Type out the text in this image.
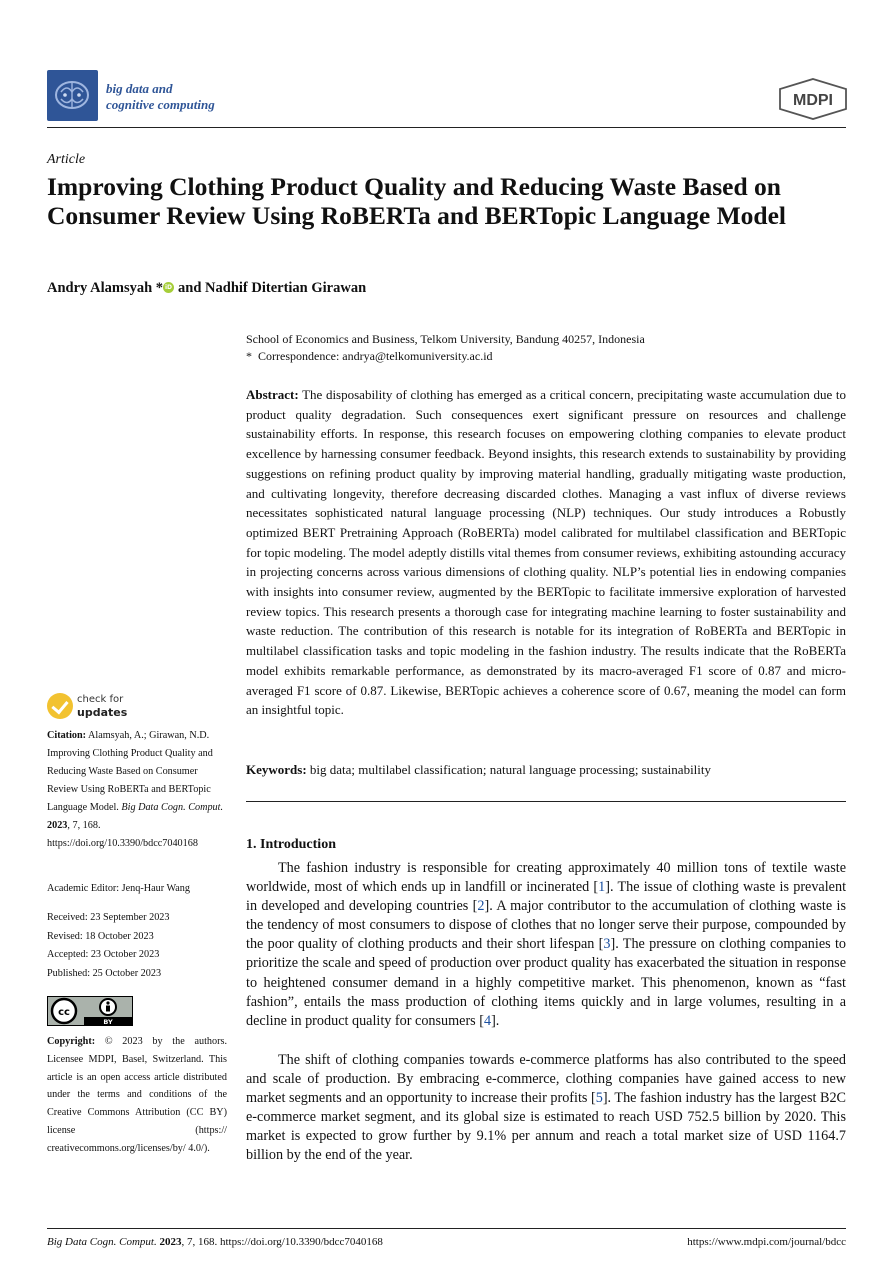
big data and
cognitive computing	MDPI
Article
Improving Clothing Product Quality and Reducing Waste Based on Consumer Review Using RoBERTa and BERTopic Language Model
Andry Alamsyah * iD and Nadhif Ditertian Girawan
School of Economics and Business, Telkom University, Bandung 40257, Indonesia
* Correspondence: andrya@telkomuniversity.ac.id

Abstract: The disposability of clothing has emerged as a critical concern, precipitating waste accumulation due to product quality degradation. Such consequences exert significant pressure on resources and challenge sustainability efforts. In response, this research focuses on empowering clothing companies to elevate product excellence by harnessing consumer feedback. Beyond insights, this research extends to sustainability by providing suggestions on refining product quality by improving material handling, gradually mitigating waste production, and cultivating longevity, therefore decreasing discarded clothes. Managing a vast influx of diverse reviews necessitates sophisticated natural language processing (NLP) techniques. Our study introduces a Robustly optimized BERT Pretraining Approach (RoBERTa) model calibrated for multilabel classification and BERTopic for topic modeling. The model adeptly distills vital themes from consumer reviews, exhibiting astounding accuracy in projecting concerns across various dimensions of clothing quality. NLP’s potential lies in endowing companies with insights into consumer review, augmented by the BERTopic to facilitate immersive exploration of harvested review topics. This research presents a thorough case for integrating machine learning to foster sustainability and waste reduction. The contribution of this research is notable for its integration of RoBERTa and BERTopic in multilabel classification tasks and topic modeling in the fashion industry. The results indicate that the RoBERTa model exhibits remarkable performance, as demonstrated by its macro-averaged F1 score of 0.87 and micro-averaged F1 score of 0.87. Likewise, BERTopic achieves a coherence score of 0.67, meaning the model can form an insightful topic.

Keywords: big data; multilabel classification; natural language processing; sustainability
1. Introduction

The fashion industry is responsible for creating approximately 40 million tons of textile waste worldwide, most of which ends up in landfill or incinerated [1]. The issue of clothing waste is prevalent in developed and developing countries [2]. A major contributor to the accumulation of clothing waste is the tendency of most consumers to dispose of clothes that no longer serve their purpose, compounded by the poor quality of clothing products and their short lifespan [3]. The pressure on clothing companies to prioritize the scale and speed of production over product quality has exacerbated the situation in response to heightened consumer demand in a highly competitive market. This phenomenon, known as “fast fashion”, entails the mass production of clothing items quickly and in large volumes, resulting in a decline in product quality for consumers [4].

The shift of clothing companies towards e-commerce platforms has also contributed to the speed and scale of production. By embracing e-commerce, clothing companies have gained access to new market segments and an opportunity to increase their profits [5]. The fashion industry has the largest B2C e-commerce market segment, and its global size is estimated to reach USD 752.5 billion by 2020. This market is expected to grow further by 9.1% per annum and reach a total market size of USD 1164.7 billion by the end of the year.

check for
updates
Citation: Alamsyah, A.; Girawan, N.D. Improving Clothing Product Quality and Reducing Waste Based on Consumer Review Using RoBERTa and BERTopic Language Model. Big Data Cogn. Comput. 2023, 7, 168. https://doi.org/10.3390/bdcc7040168
Academic Editor: Jenq-Haur Wang
Received: 23 September 2023
Revised: 18 October 2023
Accepted: 23 October 2023
Published: 25 October 2023
cc
BY
Copyright: © 2023 by the authors. Licensee MDPI, Basel, Switzerland. This article is an open access article distributed under the terms and conditions of the Creative Commons Attribution (CC BY) license (https:// creativecommons.org/licenses/by/ 4.0/).
Big Data Cogn. Comput. 2023, 7, 168. https://doi.org/10.3390/bdcc7040168	https://www.mdpi.com/journal/bdcc
